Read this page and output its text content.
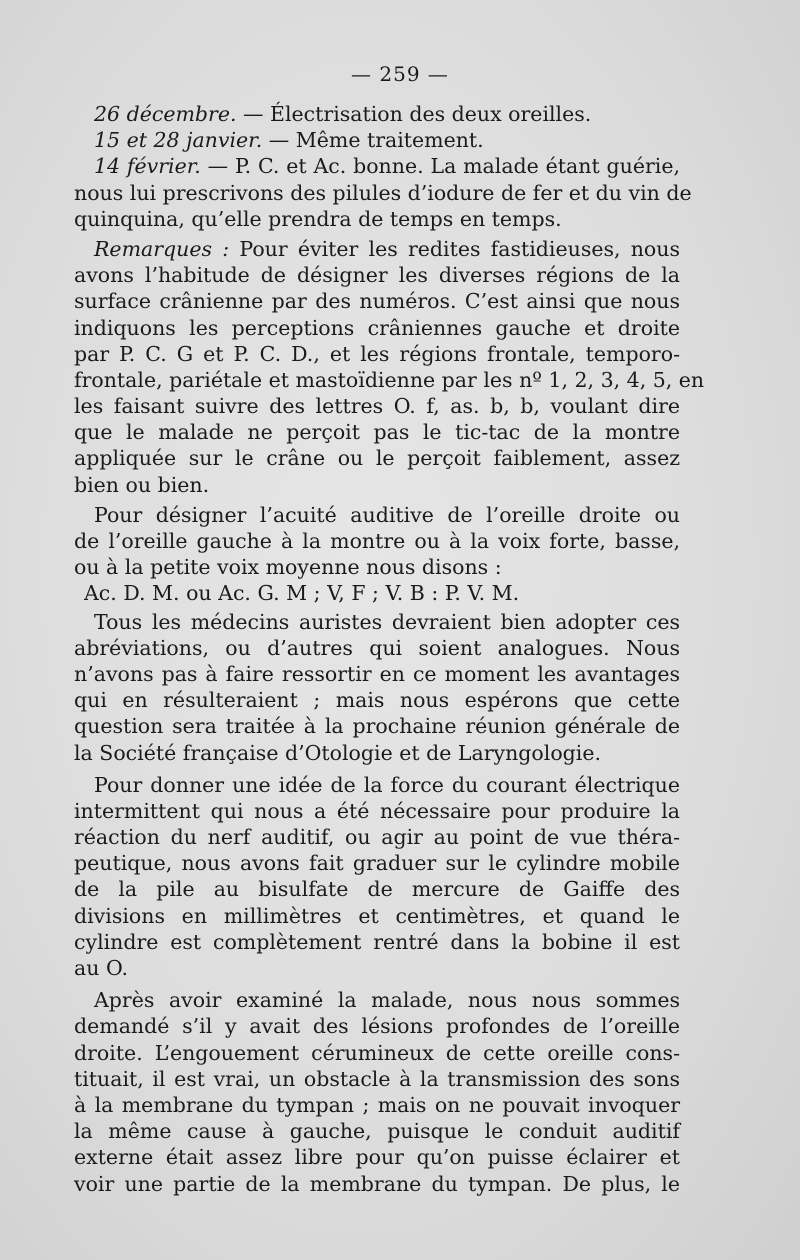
— 259 —
26 décembre. — Électrisation des deux oreilles.
15 et 28 janvier. — Même traitement.
14 février. — P. C. et Ac. bonne. La malade étant guérie,
nous lui prescrivons des pilules d’iodure de fer et du vin de
quinquina, qu’elle prendra de temps en temps.
Remarques : Pour éviter les redites fastidieuses, nous
avons l’habitude de désigner les diverses régions de la
surface crânienne par des numéros. C’est ainsi que nous
indiquons les perceptions crâniennes gauche et droite
par P. C. G et P. C. D., et les régions frontale, temporo-
frontale, pariétale et mastoïdienne par les nº 1, 2, 3, 4, 5, en
les faisant suivre des lettres O. f, as. b, b, voulant dire
que le malade ne perçoit pas le tic-tac de la montre
appliquée sur le crâne ou le perçoit faiblement, assez
bien ou bien.
Pour désigner l’acuité auditive de l’oreille droite ou
de l’oreille gauche à la montre ou à la voix forte, basse,
ou à la petite voix moyenne nous disons :
Ac. D. M. ou Ac. G. M ; V, F ; V. B : P. V. M.
Tous les médecins auristes devraient bien adopter ces
abréviations, ou d’autres qui soient analogues. Nous
n’avons pas à faire ressortir en ce moment les avantages
qui en résulteraient ; mais nous espérons que cette
question sera traitée à la prochaine réunion générale de
la Société française d’Otologie et de Laryngologie.
Pour donner une idée de la force du courant électrique
intermittent qui nous a été nécessaire pour produire la
réaction du nerf auditif, ou agir au point de vue théra-
peutique, nous avons fait graduer sur le cylindre mobile
de la pile au bisulfate de mercure de Gaiffe des
divisions en millimètres et centimètres, et quand le
cylindre est complètement rentré dans la bobine il est
au O.
Après avoir examiné la malade, nous nous sommes
demandé s’il y avait des lésions profondes de l’oreille
droite. L’engouement cérumineux de cette oreille cons-
tituait, il est vrai, un obstacle à la transmission des sons
à la membrane du tympan ; mais on ne pouvait invoquer
la même cause à gauche, puisque le conduit auditif
externe était assez libre pour qu’on puisse éclairer et
voir une partie de la membrane du tympan. De plus, le
